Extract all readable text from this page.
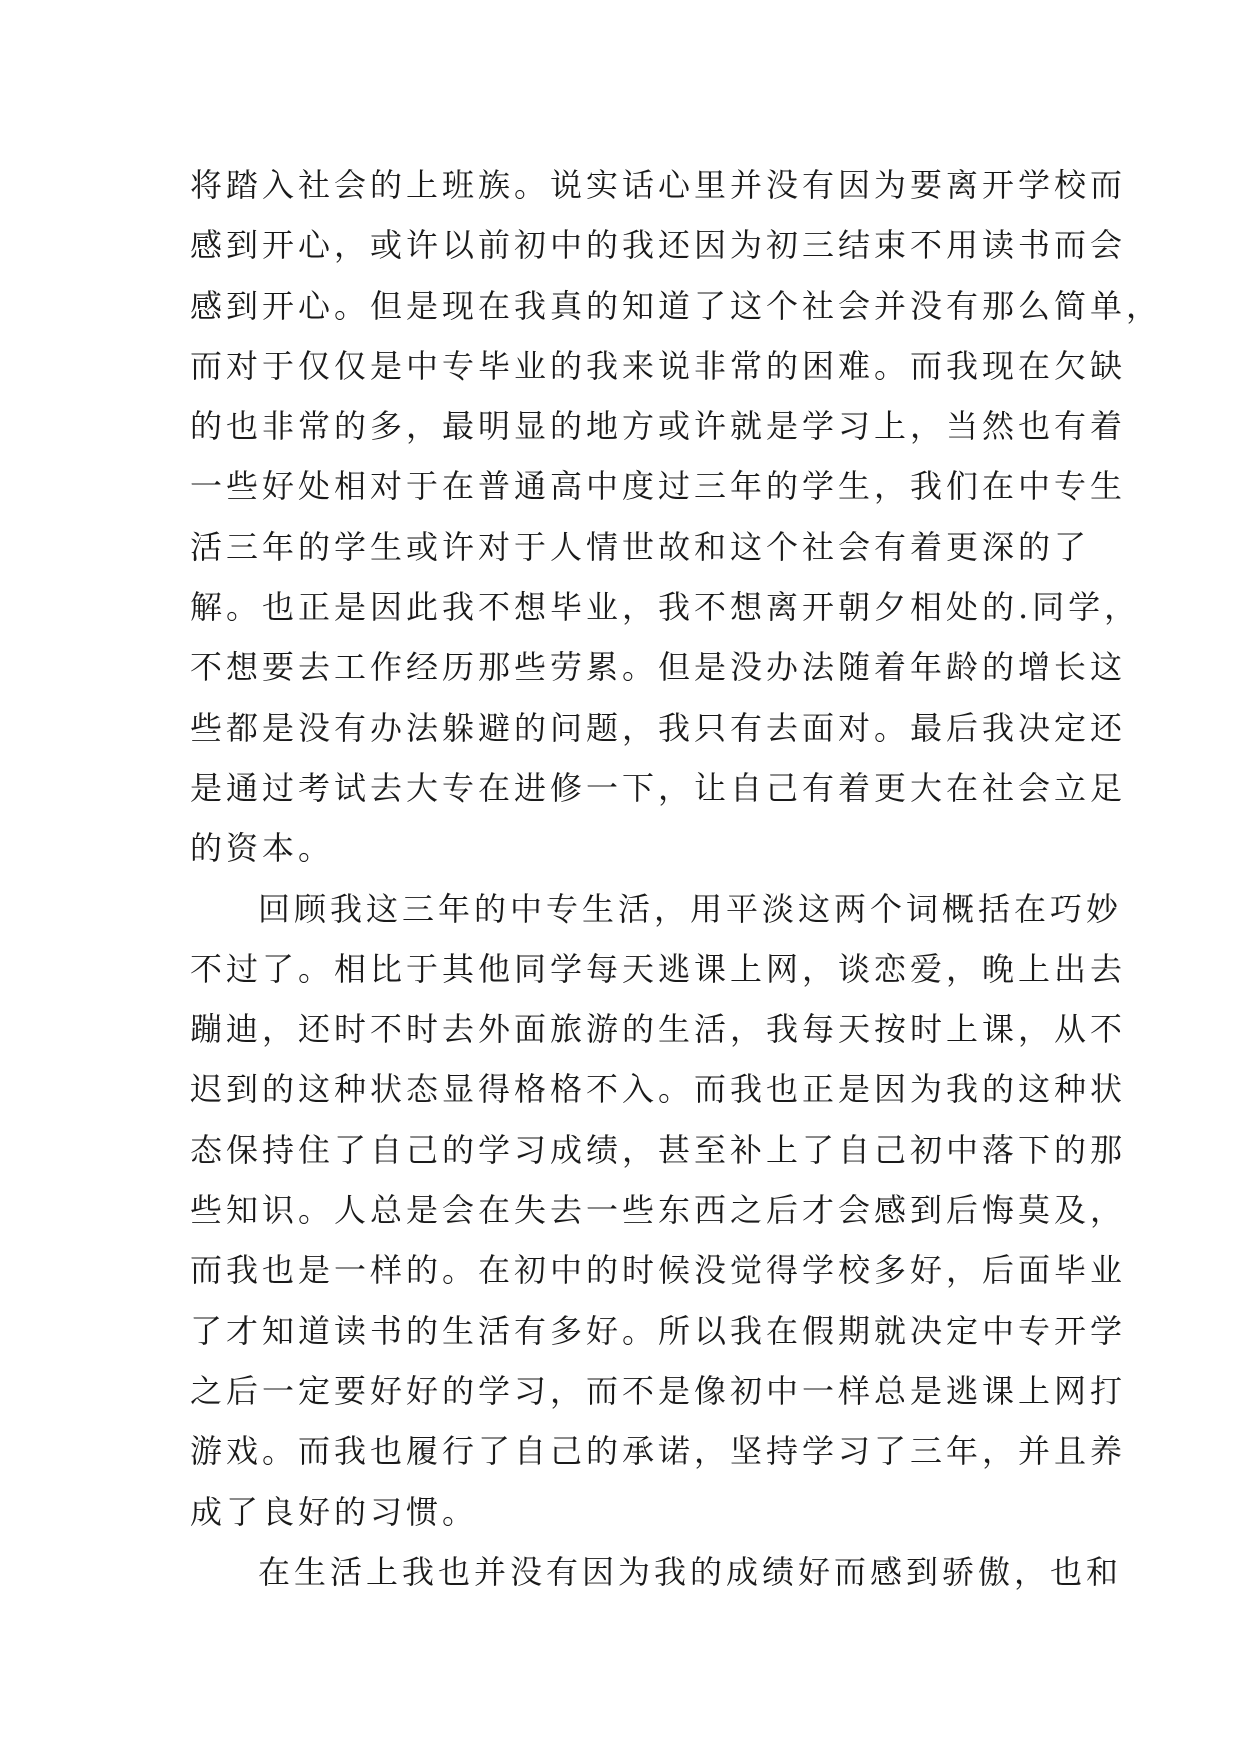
将踏入社会的上班族。说实话心里并没有因为要离开学校而
感到开心，或许以前初中的我还因为初三结束不用读书而会
感到开心。但是现在我真的知道了这个社会并没有那么简单，
而对于仅仅是中专毕业的我来说非常的困难。而我现在欠缺
的也非常的多，最明显的地方或许就是学习上，当然也有着
一些好处相对于在普通高中度过三年的学生，我们在中专生
活三年的学生或许对于人情世故和这个社会有着更深的了
解。也正是因此我不想毕业，我不想离开朝夕相处的.同学，
不想要去工作经历那些劳累。但是没办法随着年龄的增长这
些都是没有办法躲避的问题，我只有去面对。最后我决定还
是通过考试去大专在进修一下，让自己有着更大在社会立足
的资本。
回顾我这三年的中专生活，用平淡这两个词概括在巧妙
不过了。相比于其他同学每天逃课上网，谈恋爱，晚上出去
蹦迪，还时不时去外面旅游的生活，我每天按时上课，从不
迟到的这种状态显得格格不入。而我也正是因为我的这种状
态保持住了自己的学习成绩，甚至补上了自己初中落下的那
些知识。人总是会在失去一些东西之后才会感到后悔莫及，
而我也是一样的。在初中的时候没觉得学校多好，后面毕业
了才知道读书的生活有多好。所以我在假期就决定中专开学
之后一定要好好的学习，而不是像初中一样总是逃课上网打
游戏。而我也履行了自己的承诺，坚持学习了三年，并且养
成了良好的习惯。
在生活上我也并没有因为我的成绩好而感到骄傲，也和
